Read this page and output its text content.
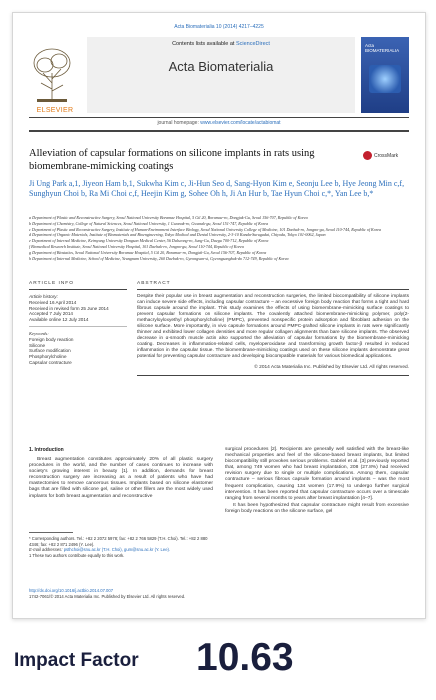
Acta Biomaterialia 10 (2014) 4217–4225
ELSEVIER
Contents lists available at ScienceDirect
Acta Biomaterialia
Acta BIOMATERIALIA
journal homepage: www.elsevier.com/locate/actabiomat
Alleviation of capsular formations on silicone implants in rats using biomembrane-mimicking coatings
CrossMark
Ji Ung Park a,1, Jiyeon Ham b,1, Sukwha Kim c, Ji-Hun Seo d, Sang-Hyon Kim e, Seonju Lee b, Hye Jeong Min c,f, Sunghyun Choi b, Ra Mi Choi c,f, Heejin Kim g, Sohee Oh h, Ji An Hur b, Tae Hyun Choi c,*, Yan Lee b,*
a Department of Plastic and Reconstructive Surgery, Seoul National University Boramae Hospital, 5 Gil 20, Boramae-ro, Dongjak-Gu, Seoul 156-707, Republic of Korea
b Department of Chemistry, College of Natural Sciences, Seoul National University, 1 Gwanak-ro, Gwanak-gu, Seoul 151-747, Republic of Korea
c Department of Plastic and Reconstructive Surgery, Institute of Human-Environment Interface Biology, Seoul National University College of Medicine, 101 Daehak-ro, Jongno-gu, Seoul 110-744, Republic of Korea
d Department of Organic Materials, Institute of Biomaterials and Bioengineering, Tokyo Medical and Dental University, 2-3-10 Kanda-Surugadai, Chiyoda, Tokyo 101-0062, Japan
e Department of Internal Medicine, Keimyung University Dongsan Medical Center, 56 Dalseong-ro, Jung-Gu, Daegu 700-712, Republic of Korea
f Biomedical Research Institute, Seoul National University Hospital, 101 Daehak-ro, Jongno-gu, Seoul 110-744, Republic of Korea
g Department of Biostatics, Seoul National University Boramae Hospital, 5 Gil 20, Boramae-ro, Dongjak-Gu, Seoul 156-707, Republic of Korea
h Department of Internal Medicine, School of Medicine, Yeungnam University, 260 Daebak-ro, Gyeongsan-si, Gyeongsangbuk-do 712-749, Republic of Korea
ARTICLE INFO
Article history:
Received 16 April 2014
Received in revised form 25 June 2014
Accepted 7 July 2014
Available online 12 July 2014
Keywords:
Foreign body reaction
Silicone
Surface modification
Phosphorylcholine
Capsular contracture
ABSTRACT
Despite their popular use in breast augmentation and reconstruction surgeries, the limited biocompatibility of silicone implants can induce severe side effects, including capsular contracture – an excessive foreign body reaction that forms a tight and hard fibrous capsule around the implant. This study examines the effects of using biomembrane-mimicking surface coatings to prevent capsular formations on silicone implants. The covalently attached biomembrane-mimicking polymer, poly(2-methacryloyloxyethyl phosphorylcholine) (PMPC), prevented nonspecific protein adsorption and fibroblast adhesion on the silicone surface. More importantly, in vivo capsule formations around PMPC-grafted silicone implants in rats were significantly thinner and exhibited lower collagen densities and more regular collagen alignments than bare silicone implants. The observed decrease in α-smooth muscle actin also supported the alleviation of capsular formations by the biomembrane-mimicking coating. Decreases in inflammation-related cells, myeloperoxidase and transforming growth factor-β resulted in reduced inflammation in the capsular tissue. The biomembrane-mimicking coatings used on these silicone implants demonstrate great potential for preventing capsular contracture and developing biocompatible materials for various biomedical applications.
© 2014 Acta Materialia Inc. Published by Elsevier Ltd. All rights reserved.
1. Introduction

Breast augmentation constitutes approximately 20% of all plastic surgery procedures in the world, and the number of cases continues to increase with society's growing interest in beauty [1]. In addition, demands for breast reconstruction surgery are increasing as a result of patients who have had mastectomies to remove cancerous tissues. Implants based on silicone elastomer bags that are filled with silicone gel, saline or other fillers are the most widely used implants for both breast augmentation and reconstructive

surgical procedures [2]. Recipients are generally well satisfied with the breast-like mechanical properties and feel of the silicone-based breast implants, but limited biocompatibility still provokes serious problems. Gabriel et al. [3] previously reported that, among 749 women who had breast implantation, 208 (27.8%) had received revision surgery due to single or multiple complications. Among them, capsular contracture – serious fibrous capsule formation around implants – was the most frequent complication, causing 134 women (17.9%) to undergo further surgical intervention. It has been reported that capsular contracture occurs over a timescale ranging from several months to years after breast implantation [4–7].

It has been hypothesized that capsular contracture might result from excessive foreign body reactions on the silicone surface, gel

* Corresponding authors. Tel.: +82 2 2072 5978; fax: +82 2 766 5829 (T.H. Choi). Tel.: +82 2 880 4346; fax: +82 2 871 2496 (Y. Lee).
E-mail addresses: psthchoi@snu.ac.kr (T.H. Choi), gum@snu.ac.kr (Y. Lee).
1 These two authors contribute equally to this work.
http://dx.doi.org/10.1016/j.actbio.2014.07.007
1742-7061/© 2014 Acta Materialia Inc. Published by Elsevier Ltd. All rights reserved.
Impact Factor 10.63
